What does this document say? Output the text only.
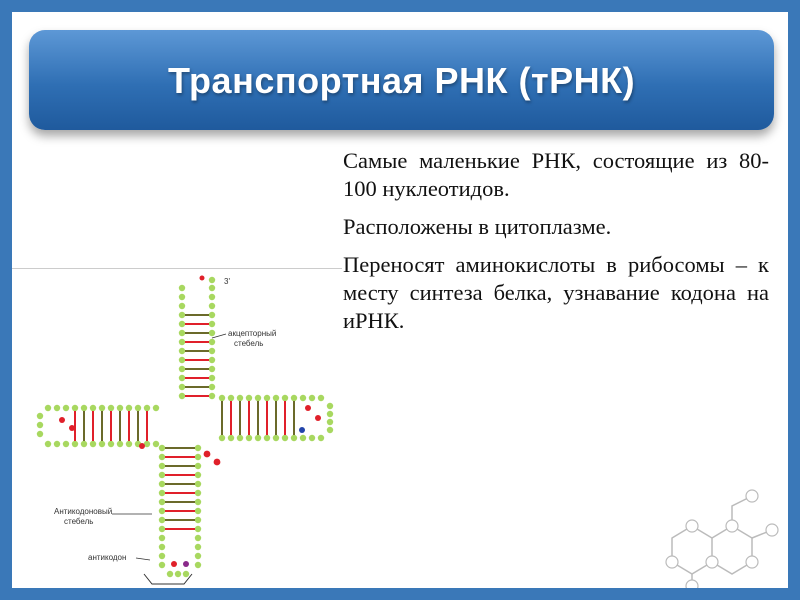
Транспортная РНК (тРНК)

Самые маленькие РНК, состоящие из 80-100 нуклеотидов.

Расположены в цитоплазме.

Переносят аминокислоты в рибосомы – к месту синтеза белка, узнавание кодона на иРНК.

3'
акцепторный
стебель
Антикодоновый
стебель
антикодон
